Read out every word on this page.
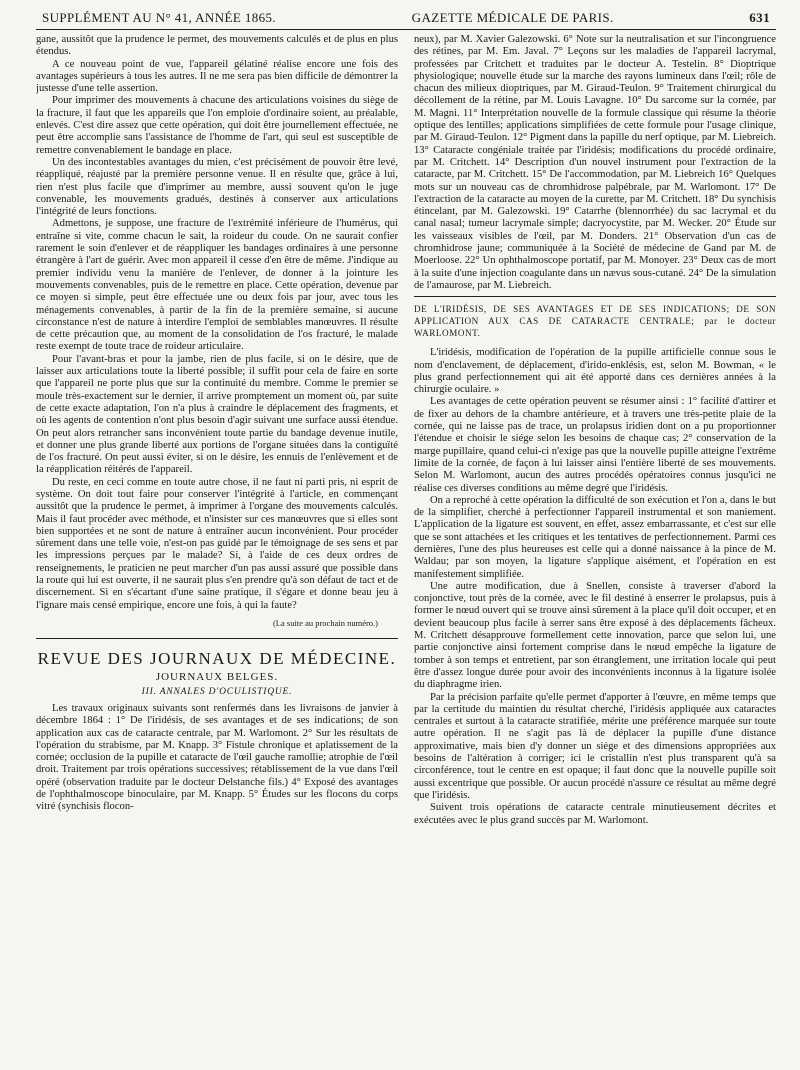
SUPPLÉMENT AU N° 41, ANNÉE 1865.	GAZETTE MÉDICALE DE PARIS.	631

gane, aussitôt que la prudence le permet, des mouvements calculés et de plus en plus étendus.

A ce nouveau point de vue, l'appareil gélatiné réalise encore une fois des avantages supérieurs à tous les autres. Il ne me sera pas bien difficile de démontrer la justesse d'une telle assertion.

Pour imprimer des mouvements à chacune des articulations voisines du siège de la fracture, il faut que les appareils que l'on emploie d'ordinaire soient, au préalable, enlevés. C'est dire assez que cette opération, qui doit être journellement effectuée, ne peut être accomplie sans l'assistance de l'homme de l'art, qui seul est susceptible de remettre convenablement le bandage en place.

Un des incontestables avantages du mien, c'est précisément de pouvoir être levé, réappliqué, réajusté par la première personne venue. Il en résulte que, grâce à lui, rien n'est plus facile que d'imprimer au membre, aussi souvent qu'on le juge convenable, les mouvements gradués, destinés à conserver aux articulations l'intégrité de leurs fonctions.

Admettons, je suppose, une fracture de l'extrémité inférieure de l'humérus, qui entraîne si vite, comme chacun le sait, la roideur du coude. On ne saurait confier rarement le soin d'enlever et de réappliquer les bandages ordinaires à une personne étrangère à l'art de guérir. Avec mon appareil il cesse d'en être de même. J'indique au premier individu venu la manière de l'enlever, de donner à la jointure les mouvements convenables, puis de le remettre en place. Cette opération, devenue par ce moyen si simple, peut être effectuée une ou deux fois par jour, avec tous les ménagements convenables, à partir de la fin de la première semaine, si aucune circonstance n'est de nature à interdire l'emploi de semblables manœuvres. Il résulte de cette précaution que, au moment de la consolidation de l'os fracturé, le malade reste exempt de toute trace de roideur articulaire.

Pour l'avant-bras et pour la jambe, rien de plus facile, si on le désire, que de laisser aux articulations toute la liberté possible; il suffit pour cela de faire en sorte que l'appareil ne porte plus que sur la continuité du membre. Comme le premier se moule très-exactement sur le dernier, il arrive promptement un moment où, par suite de cette exacte adaptation, l'on n'a plus à craindre le déplacement des fragments, et où les agents de contention n'ont plus besoin d'agir suivant une surface aussi étendue. On peut alors retrancher sans inconvénient toute partie du bandage devenue inutile, et donner une plus grande liberté aux portions de l'organe situées dans la contiguïté de l'os fracturé. On peut aussi éviter, si on le désire, les ennuis de l'enlèvement et de la réapplication réitérés de l'appareil.

Du reste, en ceci comme en toute autre chose, il ne faut ni parti pris, ni esprit de système. On doit tout faire pour conserver l'intégrité à l'article, en commençant aussitôt que la prudence le permet, à imprimer à l'organe des mouvements calculés. Mais il faut procéder avec méthode, et n'insister sur ces manœuvres que si elles sont bien supportées et ne sont de nature à entraîner aucun inconvénient. Pour procéder sûrement dans une telle voie, n'est-on pas guidé par le témoignage de ses sens et par les impressions perçues par le malade? Si, à l'aide de ces deux ordres de renseignements, le praticien ne peut marcher d'un pas aussi assuré que possible dans la route qui lui est ouverte, il ne saurait plus s'en prendre qu'à son défaut de tact et de discernement. Si en s'écartant d'une saine pratique, il s'égare et donne beau jeu à l'ignare mais censé empirique, encore une fois, à qui la faute?

(La suite au prochain numéro.)
REVUE DES JOURNAUX DE MÉDECINE.
JOURNAUX BELGES.
III. ANNALES D'OCULISTIQUE.

Les travaux originaux suivants sont renfermés dans les livraisons de janvier à décembre 1864 : 1° De l'iridésis, de ses avantages et de ses indications; de son application aux cas de cataracte centrale, par M. Warlomont. 2° Sur les résultats de l'opération du strabisme, par M. Knapp. 3° Fistule chronique et aplatissement de la cornée; occlusion de la pupille et cataracte de l'œil gauche ramollie; atrophie de l'œil droit. Traitement par trois opérations successives; rétablissement de la vue dans l'œil opéré (observation traduite par le docteur Delstanche fils.) 4° Exposé des avantages de l'ophthalmoscope binoculaire, par M. Knapp. 5° Études sur les flocons du corps vitré (synchisis flocon-

neux), par M. Xavier Galezowski. 6° Note sur la neutralisation et sur l'incongruence des rétines, par M. Em. Javal. 7° Leçons sur les maladies de l'appareil lacrymal, professées par Critchett et traduites par le docteur A. Testelin. 8° Dioptrique physiologique; nouvelle étude sur la marche des rayons lumineux dans l'œil; rôle de chacun des milieux dioptriques, par M. Giraud-Teulon. 9° Traitement chirurgical du décollement de la rétine, par M. Louis Lavagne. 10° Du sarcome sur la cornée, par M. Magni. 11° Interprétation nouvelle de la formule classique qui résume la théorie optique des lentilles; applications simplifiées de cette formule pour l'usage clinique, par M. Giraud-Teulon. 12° Pigment dans la papille du nerf optique, par M. Liebreich. 13° Cataracte congéniale traitée par l'iridésis; modifications du procédé ordinaire, par M. Critchett. 14° Description d'un nouvel instrument pour l'extraction de la cataracte, par M. Critchett. 15° De l'accommodation, par M. Liebreich 16° Quelques mots sur un nouveau cas de chromhidrose palpébrale, par M. Warlomont. 17° De l'extraction de la cataracte au moyen de la curette, par M. Critchett. 18° Du synchisis étincelant, par M. Galezowski. 19° Catarrhe (blennorrhée) du sac lacrymal et du canal nasal; tumeur lacrymale simple; dacryocystite, par M. Wecker. 20° Étude sur les vaisseaux visibles de l'œil, par M. Donders. 21° Observation d'un cas de chromhidrose jaune; communiquée à la Société de médecine de Gand par M. de Moerloose. 22° Un ophthalmoscope portatif, par M. Monoyer. 23° Deux cas de mort à la suite d'une injection coagulante dans un nævus sous-cutané. 24° De la simulation de l'amaurose, par M. Liebreich.

DE L'IRIDÉSIS, DE SES AVANTAGES ET DE SES INDICATIONS; DE SON APPLICATION AUX CAS DE CATARACTE CENTRALE; par le docteur WARLOMONT.

L'iridésis, modification de l'opération de la pupille artificielle connue sous le nom d'enclavement, de déplacement, d'irido-enklésis, est, selon M. Bowman, « le plus grand perfectionnement qui ait été apporté dans ces dernières années à la chirurgie oculaire. »

Les avantages de cette opération peuvent se résumer ainsi : 1° facilité d'attirer et de fixer au dehors de la chambre antérieure, et à travers une très-petite plaie de la cornée, qui ne laisse pas de trace, un prolapsus iridien dont on a pu proportionner l'étendue et choisir le siége selon les besoins de chaque cas; 2° conservation de la marge pupillaire, quand celui-ci n'exige pas que la nouvelle pupille atteigne l'extrême limite de la cornée, de façon à lui laisser ainsi l'entière liberté de ses mouvements. Selon M. Warlomont, aucun des autres procédés opératoires connus jusqu'ici ne réalise ces diverses conditions au même degré que l'iridésis.

On a reproché à cette opération la difficulté de son exécution et l'on a, dans le but de la simplifier, cherché à perfectionner l'appareil instrumental et son maniement. L'application de la ligature est souvent, en effet, assez embarrassante, et c'est sur elle que se sont attachées et les critiques et les tentatives de perfectionnement. Parmi ces dernières, l'une des plus heureuses est celle qui a donné naissance à la pince de M. Waldau; par son moyen, la ligature s'applique aisément, et l'opération en est manifestement simplifiée.

Une autre modification, due à Snellen, consiste à traverser d'abord la conjonctive, tout près de la cornée, avec le fil destiné à enserrer le prolapsus, puis à former le nœud ouvert qui se trouve ainsi sûrement à la place qu'il doit occuper, et en devient beaucoup plus facile à serrer sans être exposé à des déplacements fâcheux. M. Critchett désapprouve formellement cette innovation, parce que selon lui, une partie conjonctive ainsi fortement comprise dans le nœud empêche la ligature de tomber à son temps et entretient, par son étranglement, une irritation locale qui peut être d'assez longue durée pour avoir des inconvénients inconnus à la ligature isolée du diaphragme irien.

Par la précision parfaite qu'elle permet d'apporter à l'œuvre, en même temps que par la certitude du maintien du résultat cherché, l'iridésis appliquée aux cataractes centrales et surtout à la cataracte stratifiée, mérite une préférence marquée sur toute autre opération. Il ne s'agit pas là de déplacer la pupille d'une distance approximative, mais bien d'y donner un siége et des dimensions appropriées aux besoins de l'altération à corriger; ici le cristallin n'est plus transparent qu'à sa circonférence, tout le centre en est opaque; il faut donc que la nouvelle pupille soit aussi excentrique que possible. Or aucun procédé n'assure ce résultat au même degré que l'iridésis.

Suivent trois opérations de cataracte centrale minutieusement décrites et exécutées avec le plus grand succès par M. Warlomont.
